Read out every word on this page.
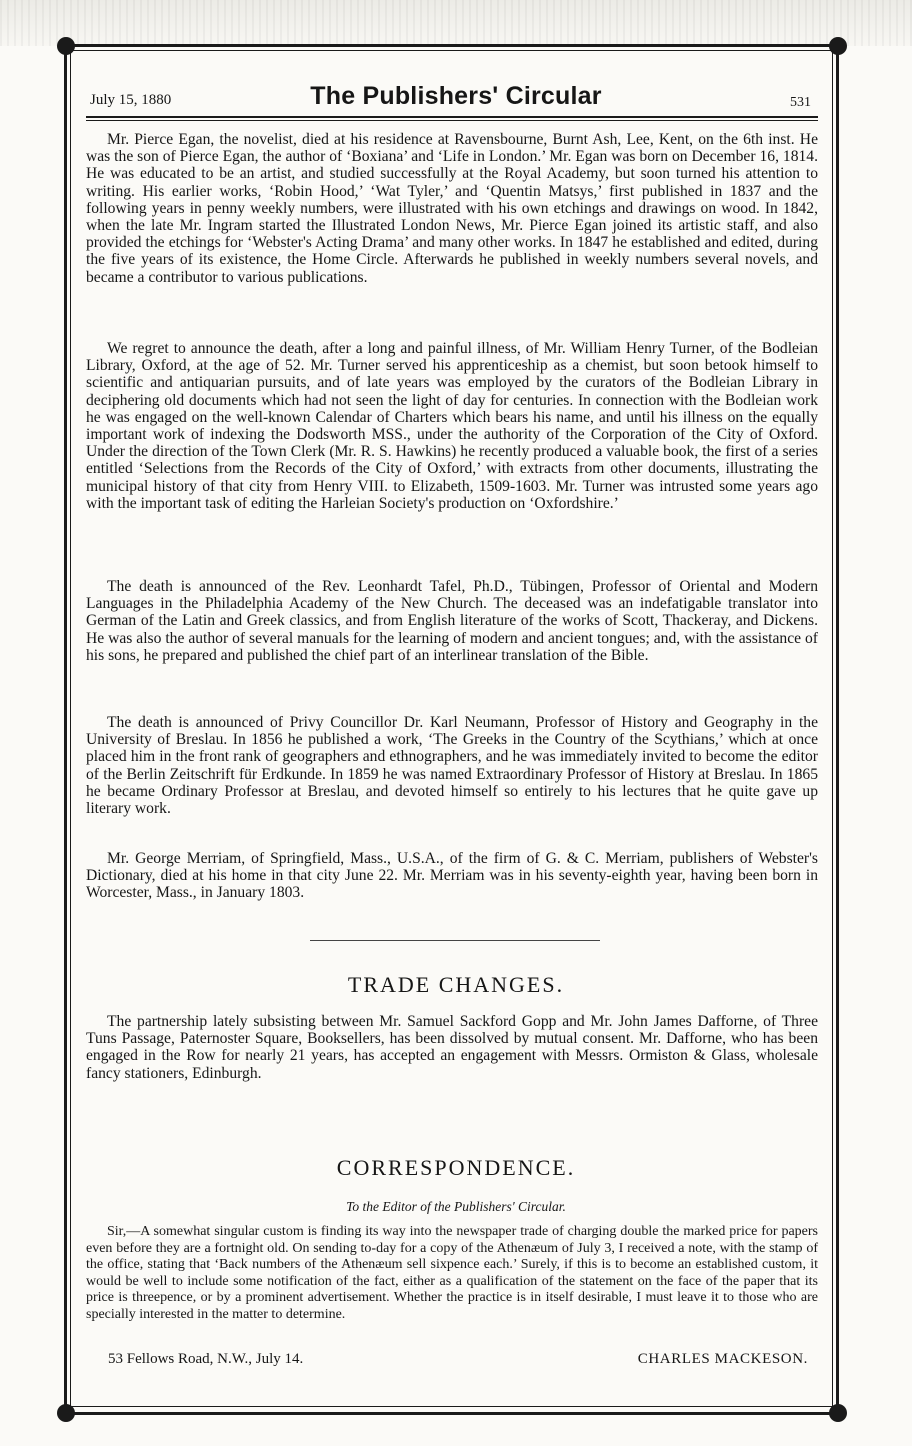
July 15, 1880	The Publishers' Circular	531

Mr. Pierce Egan, the novelist, died at his residence at Ravensbourne, Burnt Ash, Lee, Kent, on the 6th inst. He was the son of Pierce Egan, the author of ‘Boxiana’ and ‘Life in London.’ Mr. Egan was born on December 16, 1814. He was educated to be an artist, and studied successfully at the Royal Academy, but soon turned his attention to writing. His earlier works, ‘Robin Hood,’ ‘Wat Tyler,’ and ‘Quentin Matsys,’ first published in 1837 and the following years in penny weekly numbers, were illustrated with his own etchings and drawings on wood. In 1842, when the late Mr. Ingram started the Illustrated London News, Mr. Pierce Egan joined its artistic staff, and also provided the etchings for ‘Webster's Acting Drama’ and many other works. In 1847 he established and edited, during the five years of its existence, the Home Circle. Afterwards he published in weekly numbers several novels, and became a contributor to various publications.

We regret to announce the death, after a long and painful illness, of Mr. William Henry Turner, of the Bodleian Library, Oxford, at the age of 52. Mr. Turner served his apprenticeship as a chemist, but soon betook himself to scientific and antiquarian pursuits, and of late years was employed by the curators of the Bodleian Library in deciphering old documents which had not seen the light of day for centuries. In connection with the Bodleian work he was engaged on the well-known Calendar of Charters which bears his name, and until his illness on the equally important work of indexing the Dodsworth MSS., under the authority of the Corporation of the City of Oxford. Under the direction of the Town Clerk (Mr. R. S. Hawkins) he recently produced a valuable book, the first of a series entitled ‘Selections from the Records of the City of Oxford,’ with extracts from other documents, illustrating the municipal history of that city from Henry VIII. to Elizabeth, 1509-1603. Mr. Turner was intrusted some years ago with the important task of editing the Harleian Society's production on ‘Oxfordshire.’

The death is announced of the Rev. Leonhardt Tafel, Ph.D., Tübingen, Professor of Oriental and Modern Languages in the Philadelphia Academy of the New Church. The deceased was an indefatigable translator into German of the Latin and Greek classics, and from English literature of the works of Scott, Thackeray, and Dickens. He was also the author of several manuals for the learning of modern and ancient tongues; and, with the assistance of his sons, he prepared and published the chief part of an interlinear translation of the Bible.

The death is announced of Privy Councillor Dr. Karl Neumann, Professor of History and Geography in the University of Breslau. In 1856 he published a work, ‘The Greeks in the Country of the Scythians,’ which at once placed him in the front rank of geographers and ethnographers, and he was immediately invited to become the editor of the Berlin Zeitschrift für Erdkunde. In 1859 he was named Extraordinary Professor of History at Breslau. In 1865 he became Ordinary Professor at Breslau, and devoted himself so entirely to his lectures that he quite gave up literary work.

Mr. George Merriam, of Springfield, Mass., U.S.A., of the firm of G. & C. Merriam, publishers of Webster's Dictionary, died at his home in that city June 22. Mr. Merriam was in his seventy-eighth year, having been born in Worcester, Mass., in January 1803.

TRADE CHANGES.

The partnership lately subsisting between Mr. Samuel Sackford Gopp and Mr. John James Dafforne, of Three Tuns Passage, Paternoster Square, Booksellers, has been dissolved by mutual consent. Mr. Dafforne, who has been engaged in the Row for nearly 21 years, has accepted an engagement with Messrs. Ormiston & Glass, wholesale fancy stationers, Edinburgh.

CORRESPONDENCE.
To the Editor of the Publishers' Circular.

Sir,—A somewhat singular custom is finding its way into the newspaper trade of charging double the marked price for papers even before they are a fortnight old. On sending to-day for a copy of the Athenæum of July 3, I received a note, with the stamp of the office, stating that ‘Back numbers of the Athenæum sell sixpence each.’ Surely, if this is to become an established custom, it would be well to include some notification of the fact, either as a qualification of the statement on the face of the paper that its price is threepence, or by a prominent advertisement. Whether the practice is in itself desirable, I must leave it to those who are specially interested in the matter to determine.

53 Fellows Road, N.W., July 14.	CHARLES MACKESON.
